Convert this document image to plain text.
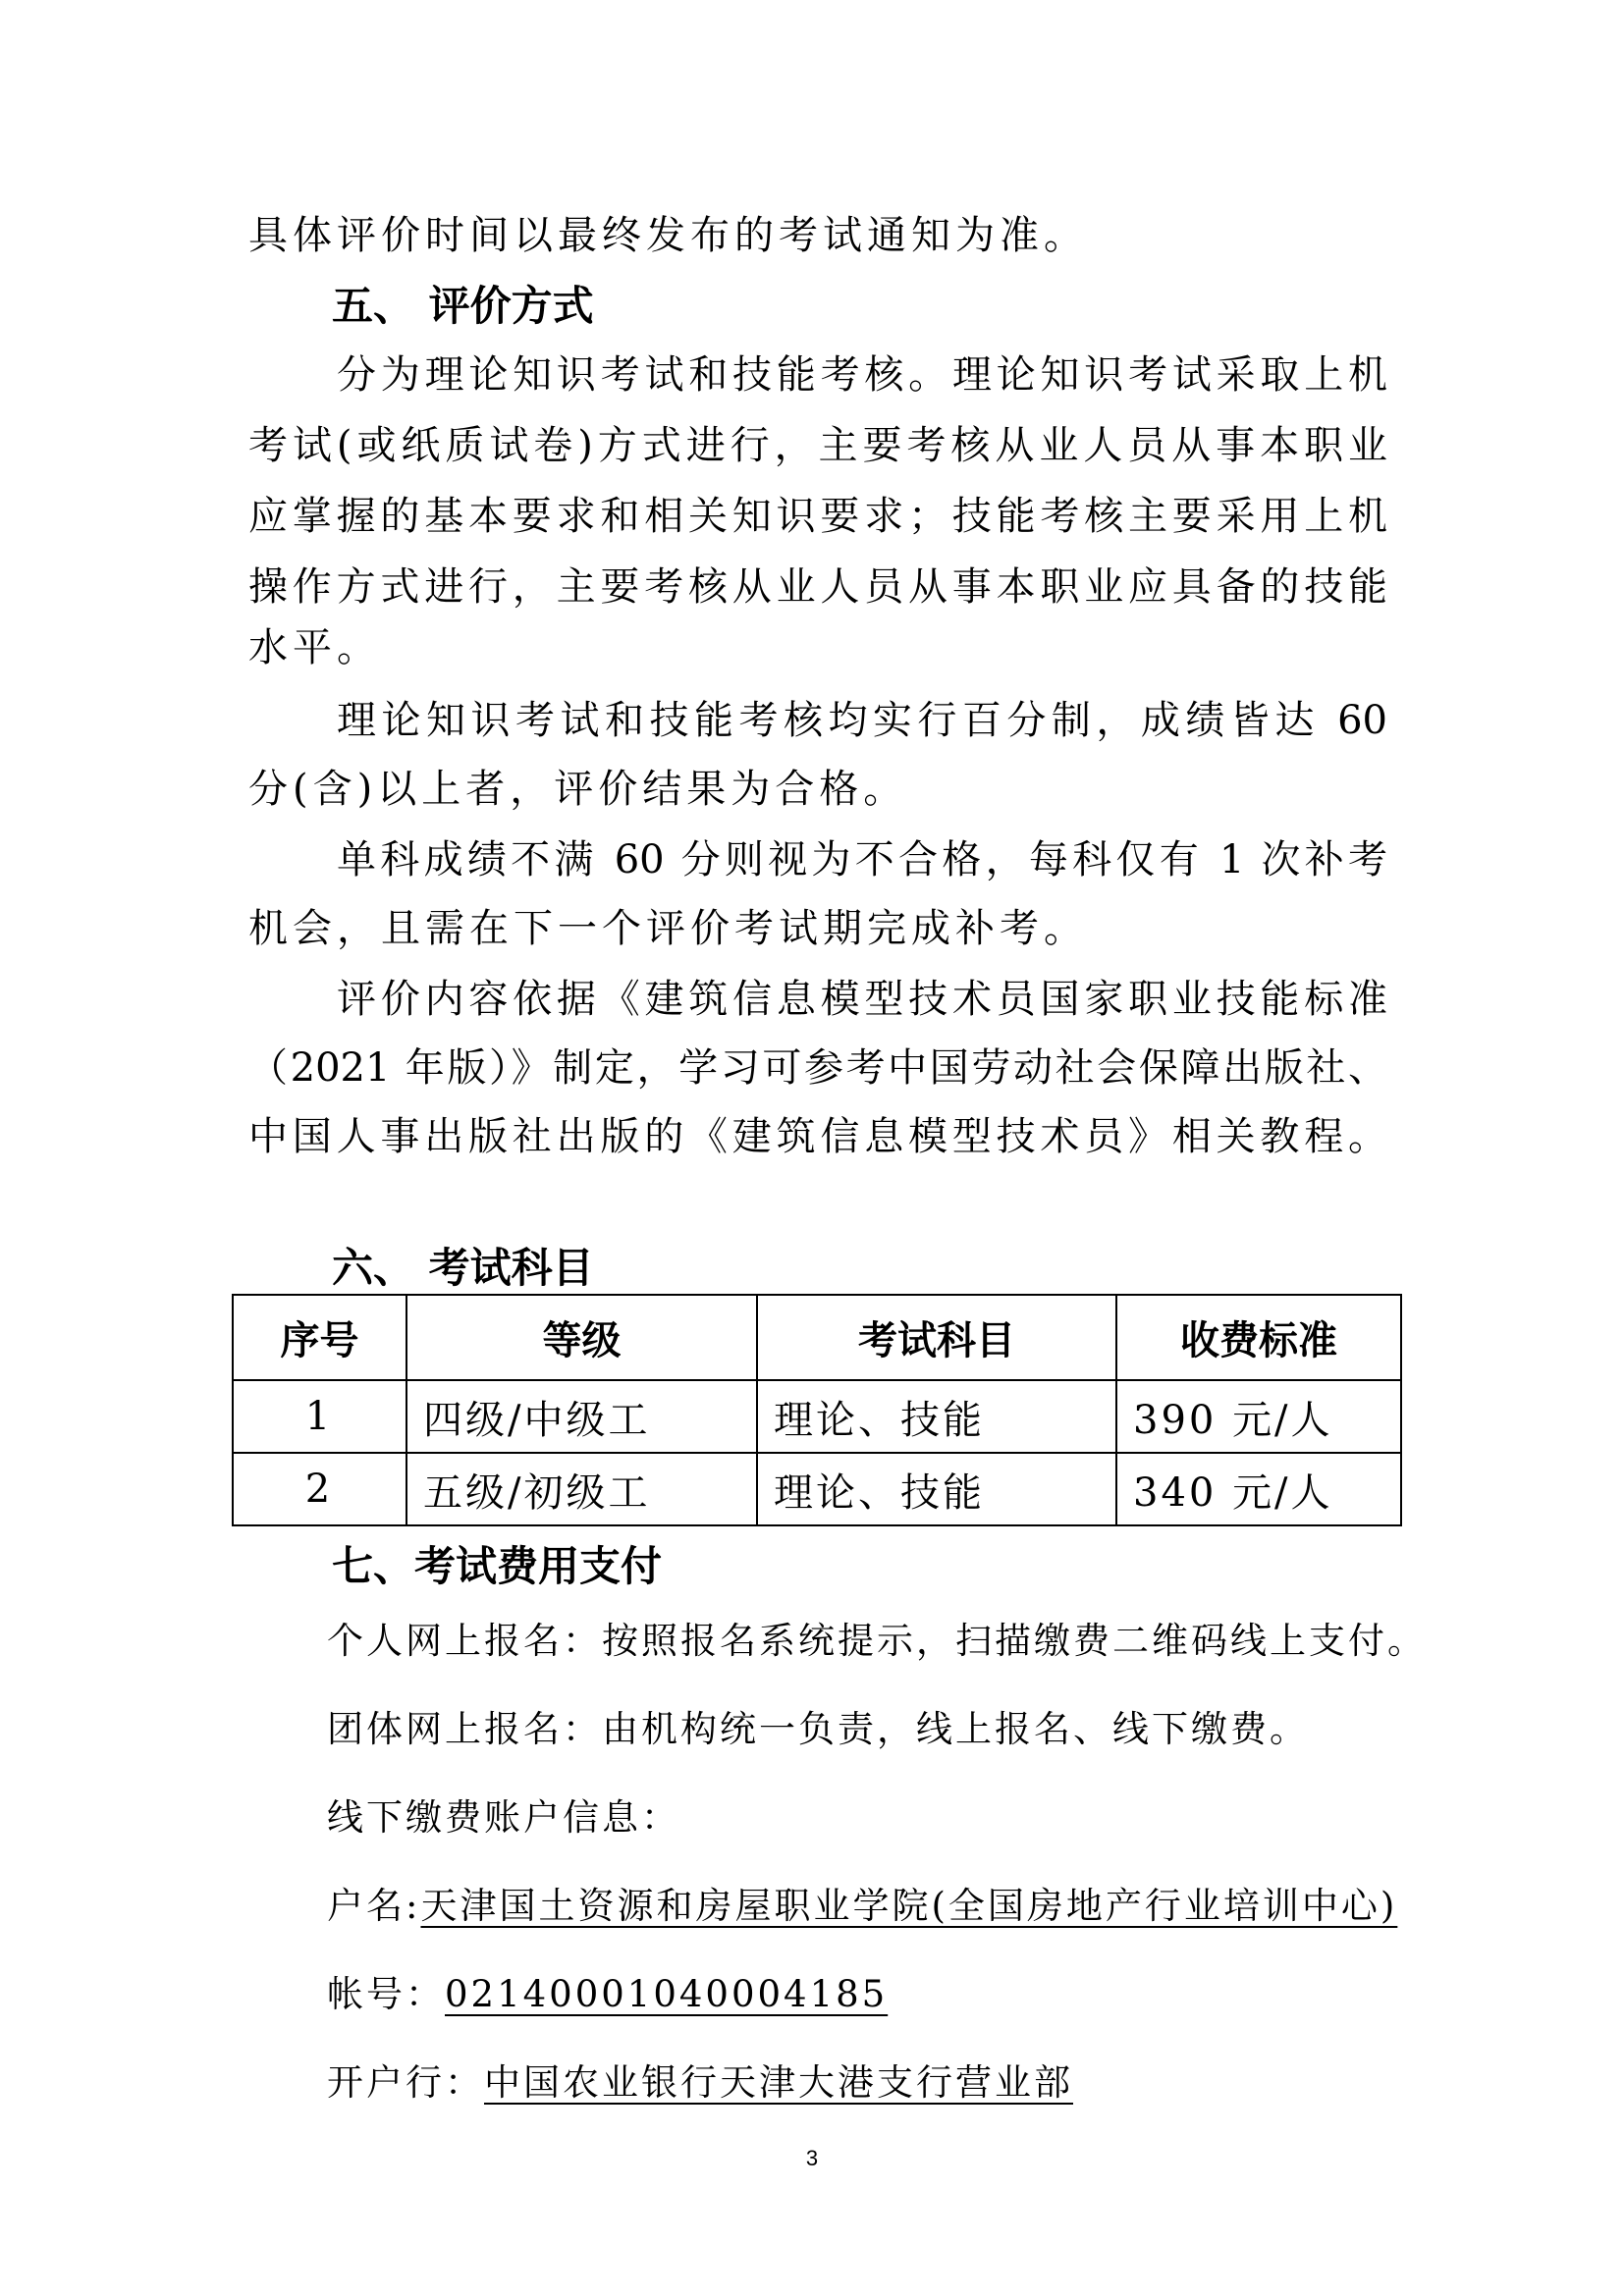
具体评价时间以最终发布的考试通知为准。
五、 评价方式
分为理论知识考试和技能考核。理论知识考试采取上机
考试(或纸质试卷)方式进行，主要考核从业人员从事本职业
应掌握的基本要求和相关知识要求；技能考核主要采用上机
操作方式进行，主要考核从业人员从事本职业应具备的技能
水平。
理论知识考试和技能考核均实行百分制，成绩皆达 60
分(含)以上者，评价结果为合格。
单科成绩不满 60 分则视为不合格，每科仅有 1 次补考
机会，且需在下一个评价考试期完成补考。
评价内容依据《建筑信息模型技术员国家职业技能标准
（2021 年版）》制定，学习可参考中国劳动社会保障出版社、
中国人事出版社出版的《建筑信息模型技术员》相关教程。
六、 考试科目
序号	等级	考试科目	收费标准
1	四级/中级工	理论、技能	390 元/人
2	五级/初级工	理论、技能	340 元/人
七、考试费用支付
个人网上报名：按照报名系统提示，扫描缴费二维码线上支付。
团体网上报名：由机构统一负责，线上报名、线下缴费。
线下缴费账户信息：
户名:天津国土资源和房屋职业学院(全国房地产行业培训中心)
帐号：02140001040004185
开户行：中国农业银行天津大港支行营业部
3
